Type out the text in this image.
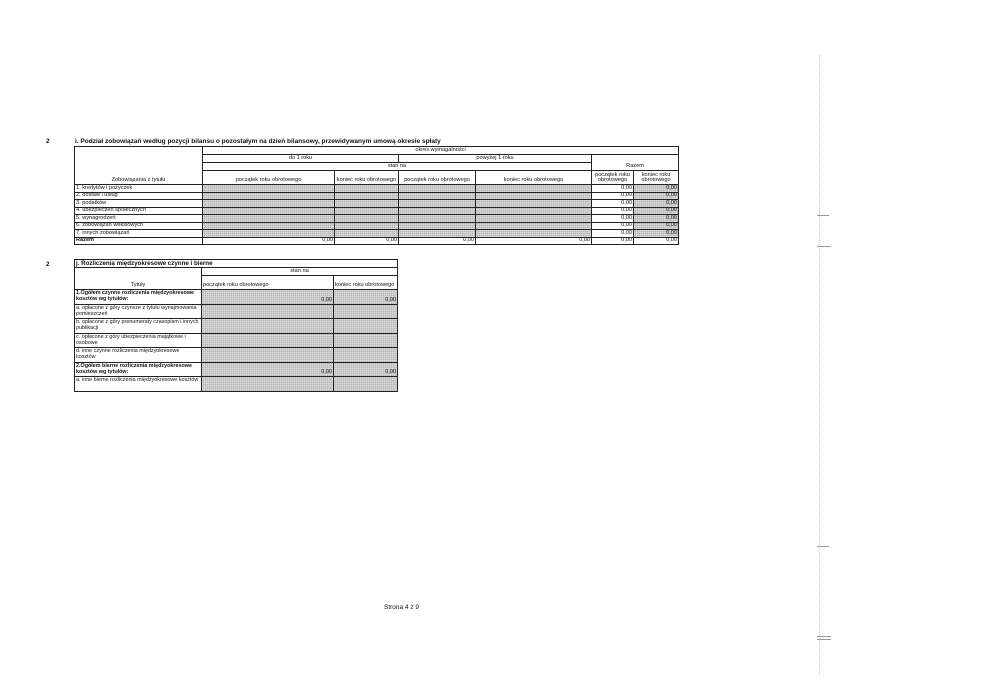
2	i. Podział zobowiązań według pozycji bilansu o pozostałym na dzień bilansowy, przewidywanym umową okresie spłaty
	okres wymagalności					
	do 1 roku		powyżej 1 roku		Razem	
	stan na					
Zobowiązania z tytułu	początek roku obrotowego	koniec roku obrotowego	początek roku obrotowego	koniec roku obrotowego	początek roku obrotowego	koniec roku obrotowego
1. kredytów i pożyczek					0,00	0,00
2. dostaw i usług					0,00	0,00
3. podatków					0,00	0,00
4. ubezpieczeń społecznych					0,00	0,00
5. wynagrodzeń					0,00	0,00
6. zobowiązań wekslowych					0,00	0,00
7. innych zobowiązań					0,00	0,00
Razem	0,00	0,00	0,00	0,00	0,00	0,00
2	j. Rozliczenia międzyokresowe czynne i bierne		
	stan na	
Tytuły	początek roku obrotowego	koniec roku obrotowego
1.Ogółem czynne rozliczenia międzyokresowe kosztów wg tytułów:	0,00	0,00
a. opłacone z góry czynsze z tytułu wynajmowania pomieszczeń		
b. opłacone z góry prenumeraty czasopism i innych publikacji		
c. opłacone z góry ubezpieczenia majątkowe i osobowe		
d. inne czynne rozliczenia międzyokresowe kosztów		
2.Ogółem bierne rozliczenia międzyokresowe kosztów wg tytułów:	0,00	0,00
a. inne bierne rozliczenia międzyokresowe kosztów		
Strona 4 z 9
